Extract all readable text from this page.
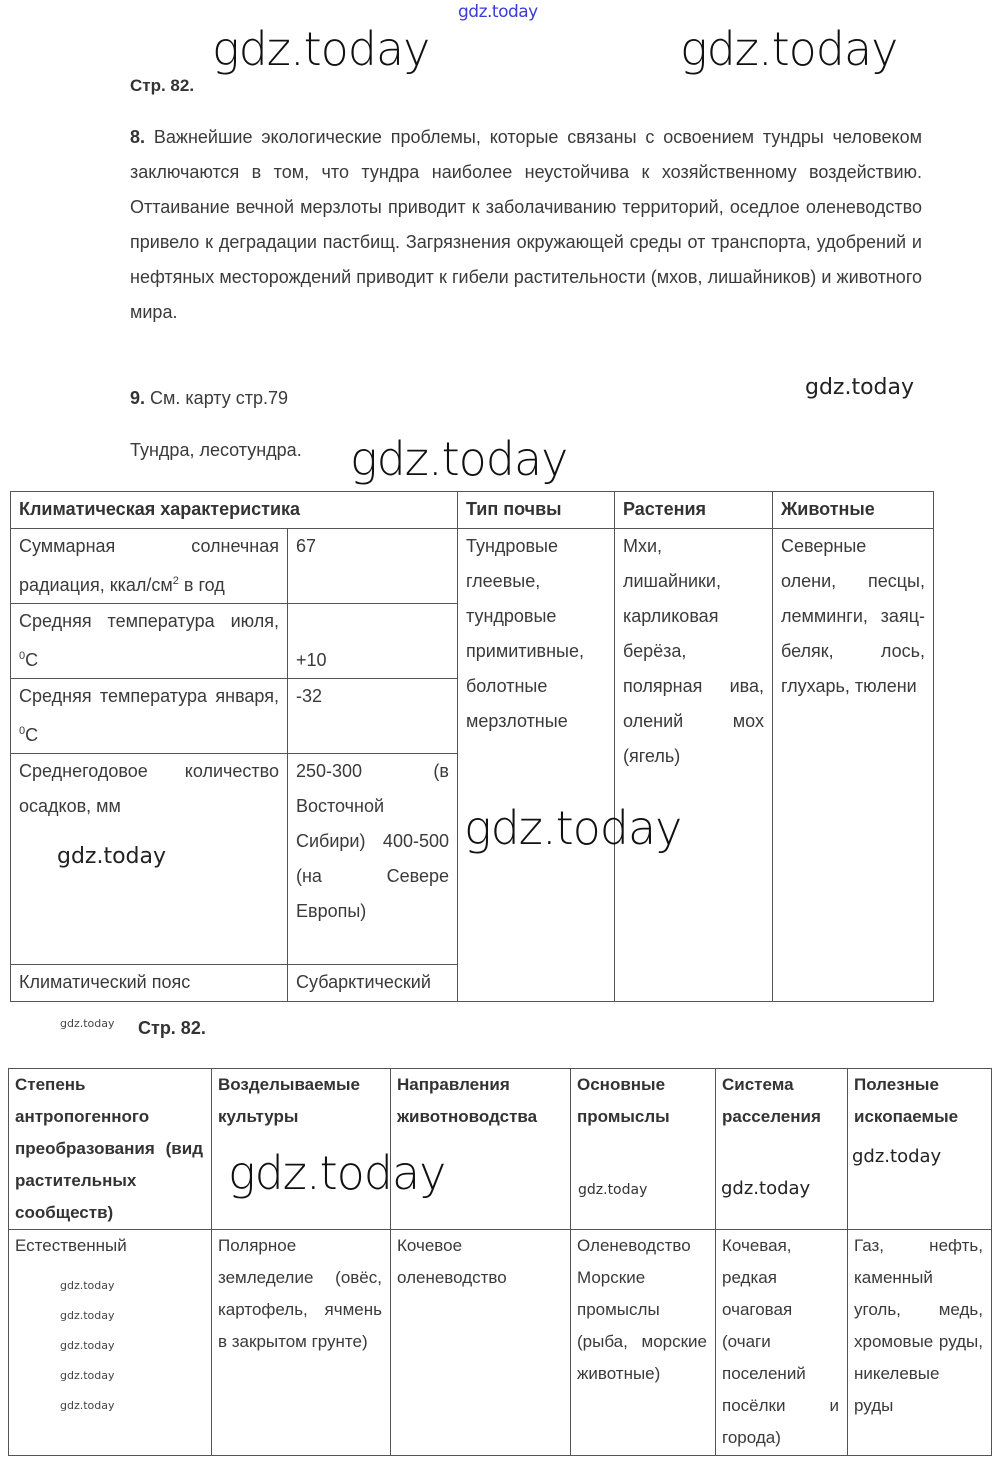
gdz.today
Стр. 82.
8. Важнейшие экологические проблемы, которые связаны с освоением тундры человеком заключаются в том, что тундра наиболее неустойчива к хозяйственному воздействию. Оттаивание вечной мерзлоты приводит к заболачиванию территорий, оседлое оленеводство привело к деградации пастбищ. Загрязнения окружающей среды от транспорта, удобрений и нефтяных месторождений приводит к гибели растительности (мхов, лишайников) и животного мира.
9. См. карту стр.79
Тундра, лесотундра.
Климатическая характеристика		Тип почвы	Растения	Животные
Суммарная солнечная радиация, ккал/$см^2$ в год	67	Тундровые глеевые, тундровые примитивные, болотные мерзлотные	Мхи, лишайники, карликовая берёза, полярная ива, олений мох (ягель)	Северные олени, песцы, лемминги, заяц-беляк, лось, глухарь, тюлени
Средняя температура июля, $^0$С	+10			
Средняя температура января, $^0$С	-32			
Среднегодовое количество осадков, мм	250-300 (в Восточной Сибири) 400-500 (на Севере Европы)			
Климатический пояс	Субарктический			
Стр. 82.
Степень антропогенного преобразования (вид растительных сообществ)	Возделываемые культуры	Направления животноводства	Основные промыслы	Система расселения	Полезные ископаемые
Естественный	Полярное земледелие (овёс, картофель, ячмень в закрытом грунте)	Кочевое оленеводство	Оленеводство Морские промыслы (рыба, морские животные)	Кочевая, редкая очаговая (очаги поселений посёлки и города)	Газ, нефть, каменный уголь, медь, хромовые руды, никелевые руды
gdz.today	gdz.today
gdz.today
gdz.today
gdz.today
gdz.today
gdz.today
gdz.today
gdz.today
gdz.today
gdz.today
gdz.today
gdz.today
gdz.today
gdz.today
gdz.today
